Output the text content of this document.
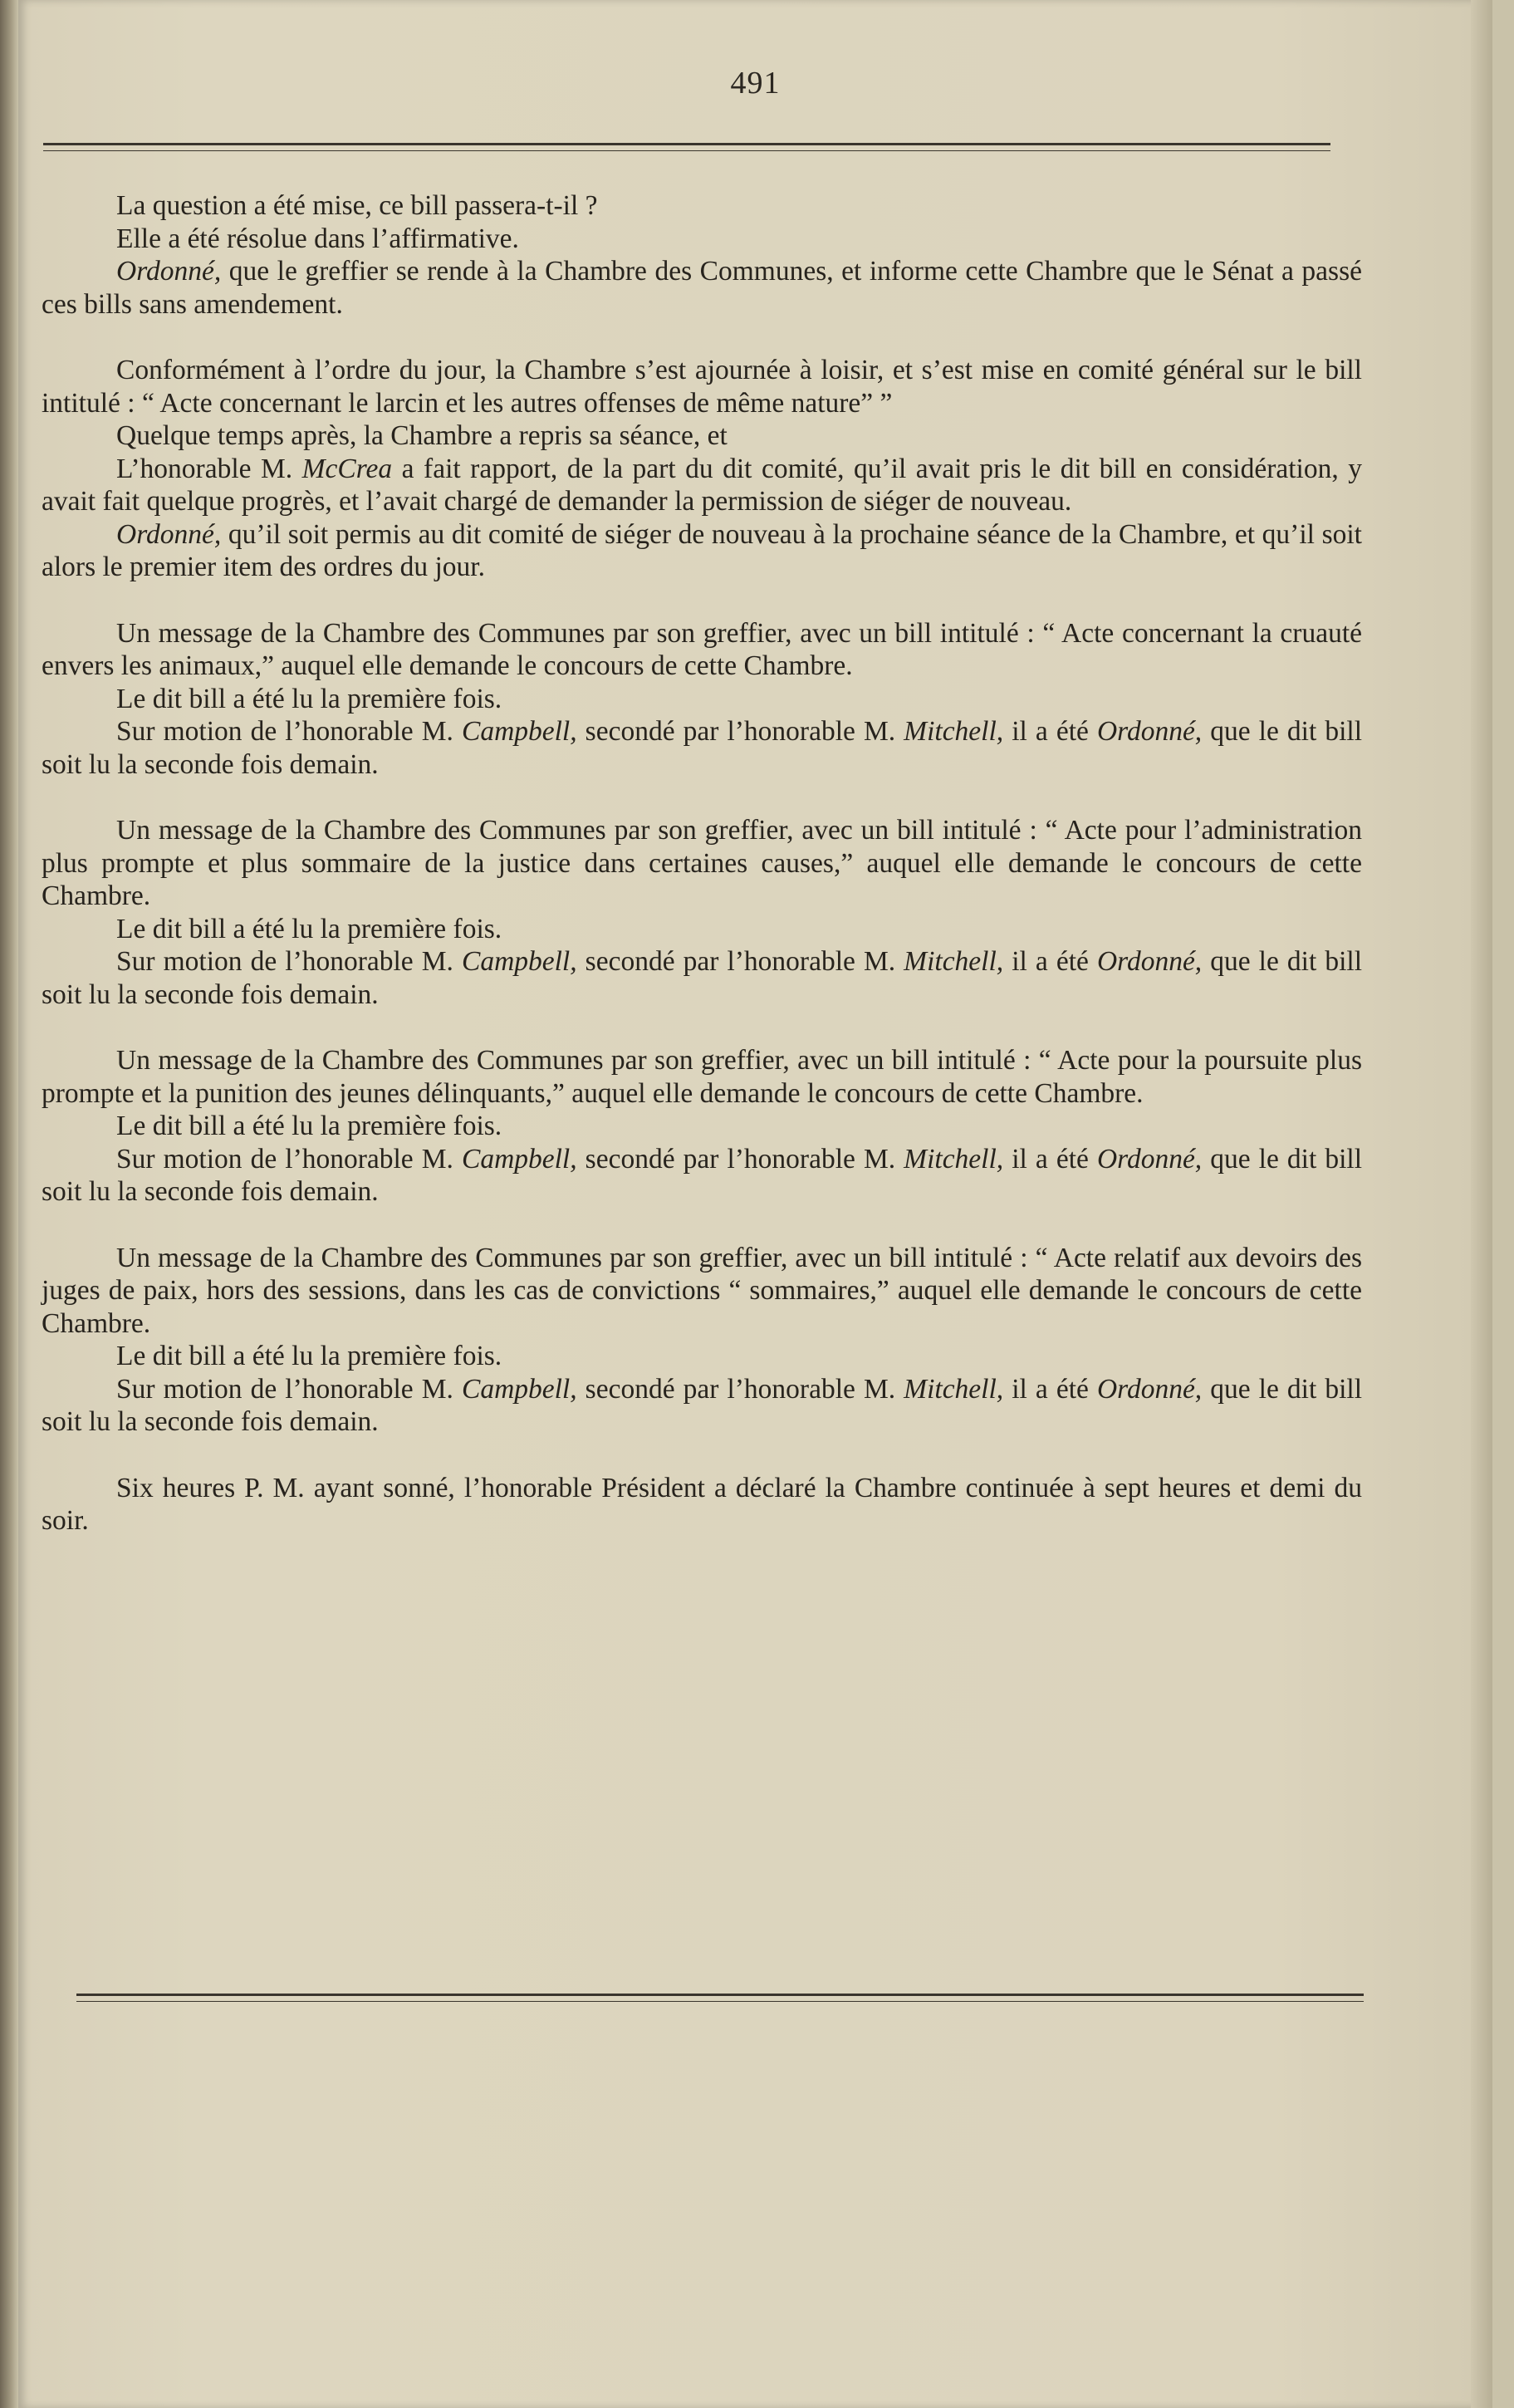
491

La question a été mise, ce bill passera-t-il ?

Elle a été résolue dans l’affirmative.

Ordonné, que le greffier se rende à la Chambre des Communes, et informe cette Chambre que le Sénat a passé ces bills sans amendement.

Conformément à l’ordre du jour, la Chambre s’est ajournée à loisir, et s’est mise en comité général sur le bill intitulé : “ Acte concernant le larcin et les autres offenses de même nature” ”

Quelque temps après, la Chambre a repris sa séance, et

L’honorable M. McCrea a fait rapport, de la part du dit comité, qu’il avait pris le dit bill en considération, y avait fait quelque progrès, et l’avait chargé de demander la permission de siéger de nouveau.

Ordonné, qu’il soit permis au dit comité de siéger de nouveau à la prochaine séance de la Chambre, et qu’il soit alors le premier item des ordres du jour.

Un message de la Chambre des Communes par son greffier, avec un bill intitulé : “ Acte concernant la cruauté envers les animaux,” auquel elle demande le concours de cette Chambre.

Le dit bill a été lu la première fois.

Sur motion de l’honorable M. Campbell, secondé par l’honorable M. Mitchell, il a été Ordonné, que le dit bill soit lu la seconde fois demain.

Un message de la Chambre des Communes par son greffier, avec un bill intitulé : “ Acte pour l’administration plus prompte et plus sommaire de la justice dans certaines causes,” auquel elle demande le concours de cette Chambre.

Le dit bill a été lu la première fois.

Sur motion de l’honorable M. Campbell, secondé par l’honorable M. Mitchell, il a été Ordonné, que le dit bill soit lu la seconde fois demain.

Un message de la Chambre des Communes par son greffier, avec un bill intitulé : “ Acte pour la poursuite plus prompte et la punition des jeunes délinquants,” auquel elle demande le concours de cette Chambre.

Le dit bill a été lu la première fois.

Sur motion de l’honorable M. Campbell, secondé par l’honorable M. Mitchell, il a été Ordonné, que le dit bill soit lu la seconde fois demain.

Un message de la Chambre des Communes par son greffier, avec un bill intitulé : “ Acte relatif aux devoirs des juges de paix, hors des sessions, dans les cas de convictions “ sommaires,” auquel elle demande le concours de cette Chambre.

Le dit bill a été lu la première fois.

Sur motion de l’honorable M. Campbell, secondé par l’honorable M. Mitchell, il a été Ordonné, que le dit bill soit lu la seconde fois demain.

Six heures P. M. ayant sonné, l’honorable Président a déclaré la Chambre continuée à sept heures et demi du soir.
